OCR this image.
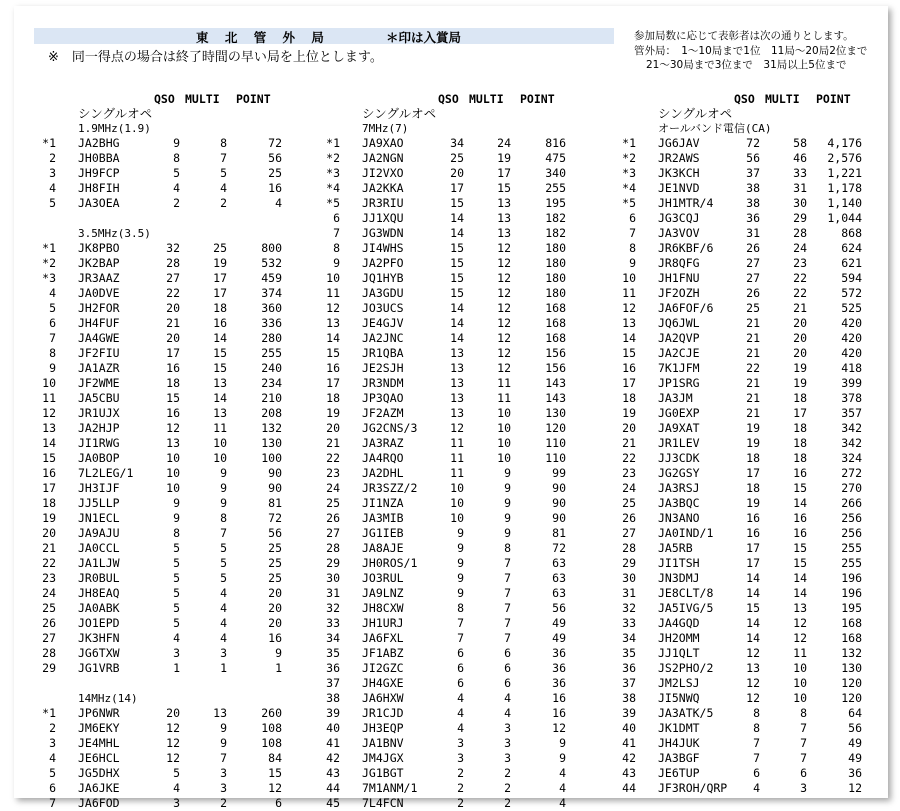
東 北 管 外 局	＊印は入賞局
※　同一得点の場合は終了時間の早い局を上位とします。
参加局数に応じて表彰者は次の通りとします。
管外局：　1～10局まで1位　11局～20局2位まで
21～30局まで3位まで　31局以上5位まで
QSO MULTI POINT
シングルオペ
1.9MHz(1.9)
*1 JA2BHG	9	8	72
2 JH0BBA	8	7	56
3 JH9FCP	5	5	25
4 JH8FIH	4	4	16
5 JA3OEA	2	2	4
3.5MHz(3.5)
*1 JK8PBO	32	25	800
*2 JK2BAP	28	19	532
*3 JR3AAZ	27	17	459
4 JA0DVE	22	17	374
5 JH2FOR	20	18	360
6 JH4FUF	21	16	336
7 JA4GWE	20	14	280
8 JF2FIU	17	15	255
9 JA1AZR	16	15	240
10 JF2WME	18	13	234
11 JA5CBU	15	14	210
12 JR1UJX	16	13	208
13 JA2HJP	12	11	132
14 JI1RWG	13	10	130
15 JA0BOP	10	10	100
16 7L2LEG/1	10	9	90
17 JH3IJF	10	9	90
18 JJ5LLP	9	9	81
19 JN1ECL	9	8	72
20 JA9AJU	8	7	56
21 JA0CCL	5	5	25
22 JA1LJW	5	5	25
23 JR0BUL	5	5	25
24 JH8EAQ	5	4	20
25 JA0ABK	5	4	20
26 JO1EPD	5	4	20
27 JK3HFN	4	4	16
28 JG6TXW	3	3	9
29 JG1VRB	1	1	1
14MHz(14)
*1 JP6NWR	20	13	260
2 JM6EKY	12	9	108
3 JE4MHL	12	9	108
4 JE6HCL	12	7	84
5 JG5DHX	5	3	15
6 JA6JKE	4	3	12
7 JA6FOD	3	2	6
QSO MULTI POINT
シングルオペ
7MHz(7)
*1 JA9XAO	34	24	816
*2 JA2NGN	25	19	475
*3 JI2VXO	20	17	340
*4 JA2KKA	17	15	255
*5 JR3RIU	15	13	195
6 JJ1XQU	14	13	182
7 JG3WDN	14	13	182
8 JI4WHS	15	12	180
9 JA2PFO	15	12	180
10 JQ1HYB	15	12	180
11 JA3GDU	15	12	180
12 JO3UCS	14	12	168
13 JE4GJV	14	12	168
14 JA2JNC	14	12	168
15 JR1QBA	13	12	156
16 JE2SJH	13	12	156
17 JR3NDM	13	11	143
18 JP3QAO	13	11	143
19 JF2AZM	13	10	130
20 JG2CNS/3	12	10	120
21 JA3RAZ	11	10	110
22 JA4RQO	11	10	110
23 JA2DHL	11	9	99
24 JR3SZZ/2	10	9	90
25 JI1NZA	10	9	90
26 JA3MIB	10	9	90
27 JG1IEB	9	9	81
28 JA8AJE	9	8	72
29 JH0ROS/1	9	7	63
30 JO3RUL	9	7	63
31 JA9LNZ	9	7	63
32 JH8CXW	8	7	56
33 JH1URJ	7	7	49
34 JA6FXL	7	7	49
35 JF1ABZ	6	6	36
36 JI2GZC	6	6	36
37 JH4GXE	6	6	36
38 JA6HXW	4	4	16
39 JR1CJD	4	4	16
40 JH3EQP	4	3	12
41 JA1BNV	3	3	9
42 JM4JGX	3	3	9
43 JG1BGT	2	2	4
44 7M1ANM/1	2	2	4
45 7L4FCN	2	2	4
QSO MULTI POINT
シングルオペ
オールバンド電信(CA)
*1 JG6JAV	72	58 4,176
*2 JR2AWS	56	46 2,576
*3 JK3KCH	37	33 1,221
*4 JE1NVD	38	31 1,178
*5 JH1MTR/4	38	30 1,140
6 JG3CQJ	36	29 1,044
7 JA3VOV	31	28	868
8 JR6KBF/6	26	24	624
9 JR8QFG	27	23	621
10 JH1FNU	27	22	594
11 JF2OZH	26	22	572
12 JA6FOF/6	25	21	525
13 JQ6JWL	21	20	420
14 JA2QVP	21	20	420
15 JA2CJE	21	20	420
16 7K1JFM	22	19	418
17 JP1SRG	21	19	399
18 JA3JM	21	18	378
19 JG0EXP	21	17	357
20 JA9XAT	19	18	342
21 JR1LEV	19	18	342
22 JJ3CDK	18	18	324
23 JG2GSY	17	16	272
24 JA3RSJ	18	15	270
25 JA3BQC	19	14	266
26 JN3ANO	16	16	256
27 JA0IND/1	16	16	256
28 JA5RB	17	15	255
29 JI1TSH	17	15	255
30 JN3DMJ	14	14	196
31 JE8CLT/8	14	14	196
32 JA5IVG/5	15	13	195
33 JA4GQD	14	12	168
34 JH2OMM	14	12	168
35 JJ1QLT	12	11	132
36 JS2PHO/2	13	10	130
37 JM2LSJ	12	10	120
38 JI5NWQ	12	10	120
39 JA3ATK/5	8	8	64
40 JK1DMT	8	7	56
41 JH4JUK	7	7	49
42 JA3BGF	7	7	49
43 JE6TUP	6	6	36
44 JF3ROH/QRP 4	3	12
